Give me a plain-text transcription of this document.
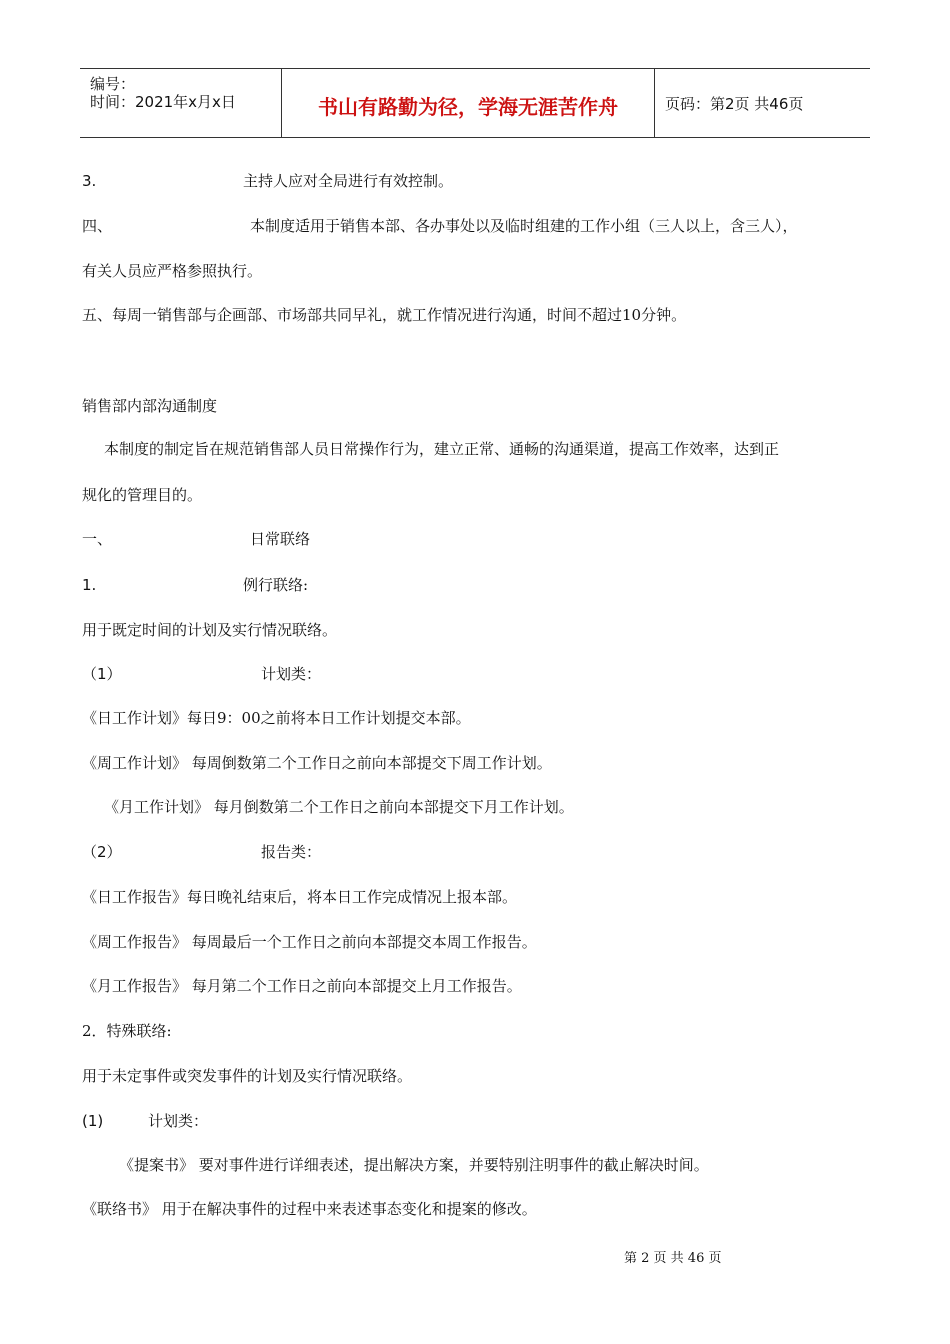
编号：
时间：2021年x月x日	书山有路勤为径，学海无涯苦作舟	页码：第2页 共46页
3.	主持人应对全局进行有效控制。
四、	本制度适用于销售本部、各办事处以及临时组建的工作小组（三人以上，含三人），
有关人员应严格参照执行。
五、每周一销售部与企画部、市场部共同早礼，就工作情况进行沟通，时间不超过10分钟。
销售部内部沟通制度
本制度的制定旨在规范销售部人员日常操作行为，建立正常、通畅的沟通渠道，提高工作效率，达到正
规化的管理目的。
一、	日常联络
1.	例行联络:
用于既定时间的计划及实行情况联络。
（1）	计划类：
《日工作计划》每日9：00之前将本日工作计划提交本部。
《周工作计划》 每周倒数第二个工作日之前向本部提交下周工作计划。
《月工作计划》 每月倒数第二个工作日之前向本部提交下月工作计划。
（2）	报告类：
《日工作报告》每日晚礼结束后，将本日工作完成情况上报本部。
《周工作报告》 每周最后一个工作日之前向本部提交本周工作报告。
《月工作报告》 每月第二个工作日之前向本部提交上月工作报告。
2．特殊联络:
用于未定事件或突发事件的计划及实行情况联络。
(1)	计划类：
《提案书》 要对事件进行详细表述，提出解决方案，并要特别注明事件的截止解决时间。
《联络书》 用于在解决事件的过程中来表述事态变化和提案的修改。
第 2 页 共 46 页
